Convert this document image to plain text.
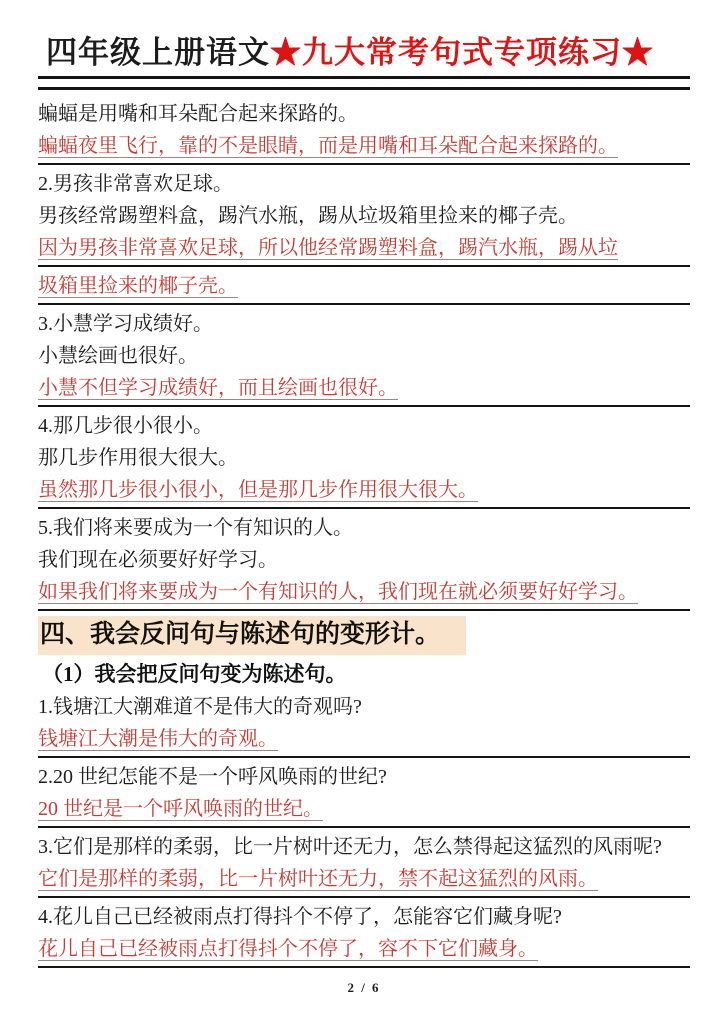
四年级上册语文★九大常考句式专项练习★
蝙蝠是用嘴和耳朵配合起来探路的。
蝙蝠夜里飞行，靠的不是眼睛，而是用嘴和耳朵配合起来探路的。
2.男孩非常喜欢足球。
男孩经常踢塑料盒，踢汽水瓶，踢从垃圾箱里捡来的椰子壳。
因为男孩非常喜欢足球，所以他经常踢塑料盒，踢汽水瓶，踢从垃
圾箱里捡来的椰子壳。
3.小慧学习成绩好。
小慧绘画也很好。
小慧不但学习成绩好，而且绘画也很好。
4.那几步很小很小。
那几步作用很大很大。
虽然那几步很小很小，但是那几步作用很大很大。
5.我们将来要成为一个有知识的人。
我们现在必须要好好学习。
如果我们将来要成为一个有知识的人，我们现在就必须要好好学习。
四、我会反问句与陈述句的变形计。
（1）我会把反问句变为陈述句。
1.钱塘江大潮难道不是伟大的奇观吗?
钱塘江大潮是伟大的奇观。
2.20 世纪怎能不是一个呼风唤雨的世纪?
20 世纪是一个呼风唤雨的世纪。
3.它们是那样的柔弱，比一片树叶还无力，怎么禁得起这猛烈的风雨呢?
它们是那样的柔弱，比一片树叶还无力，禁不起这猛烈的风雨。
4.花儿自己已经被雨点打得抖个不停了，怎能容它们藏身呢?
花儿自己已经被雨点打得抖个不停了，容不下它们藏身。
2 / 6
